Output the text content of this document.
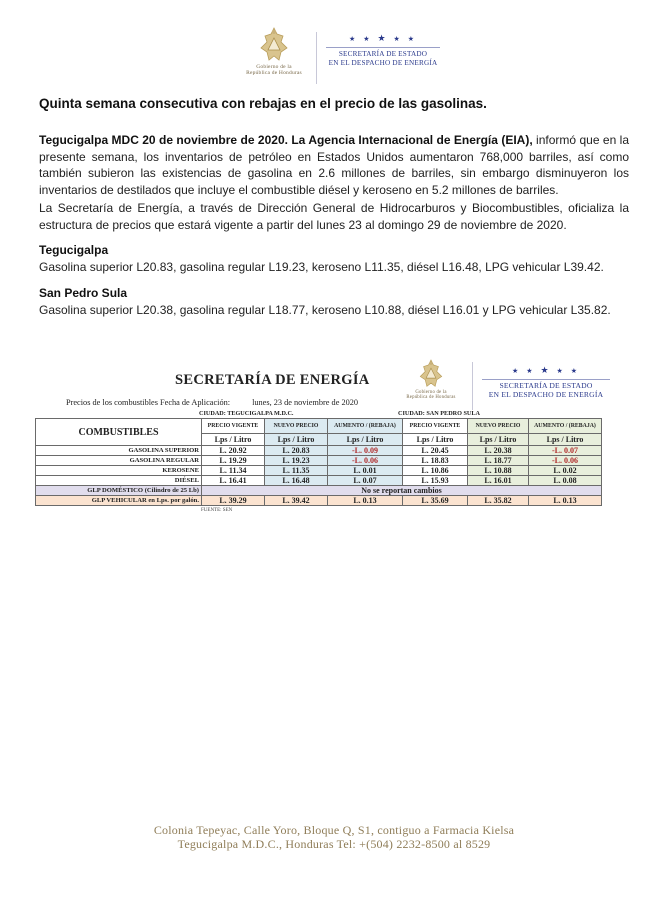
Gobierno de la
República de Honduras
★ ★ ★ ★ ★
SECRETARÍA DE ESTADO
EN EL DESPACHO DE ENERGÍA
Quinta semana consecutiva con rebajas en el precio de las gasolinas.
Tegucigalpa MDC 20 de noviembre de 2020. La Agencia Internacional de Energía (EIA), informó que en la presente semana, los inventarios de petróleo en Estados Unidos aumentaron 768,000 barriles, así como también subieron las existencias de gasolina en 2.6 millones de barriles, sin embargo disminuyeron los inventarios de destilados que incluye el combustible diésel y keroseno en 5.2 millones de barriles.
La Secretaría de Energía, a través de Dirección General de Hidrocarburos y Biocombustibles, oficializa la estructura de precios que estará vigente a partir del lunes 23 al domingo 29 de noviembre de 2020.
Tegucigalpa
Gasolina superior L20.83, gasolina regular L19.23, keroseno L11.35, diésel L16.48, LPG vehicular L39.42.
San Pedro Sula
Gasolina superior L20.38, gasolina regular L18.77, keroseno L10.88, diésel L16.01 y LPG vehicular L35.82.
SECRETARÍA DE ENERGÍA
Precios de los combustibles Fecha de Aplicación:	lunes, 23 de noviembre de 2020
Gobierno de la
República de Honduras
★ ★ ★ ★ ★
SECRETARÍA DE ESTADO
EN EL DESPACHO DE ENERGÍA
CIUDAD: TEGUCIGALPA M.D.C.	CIUDAD: SAN PEDRO SULA
COMBUSTIBLES	PRECIO VIGENTE	NUEVO PRECIO	AUMENTO / (REBAJA)	PRECIO VIGENTE	NUEVO PRECIO	AUMENTO / (REBAJA)
	Lps / Litro	Lps / Litro	Lps / Litro	Lps / Litro	Lps / Litro	Lps / Litro
GASOLINA SUPERIOR	L. 20.92	L. 20.83	-L. 0.09	L. 20.45	L. 20.38	-L. 0.07
GASOLINA REGULAR	L. 19.29	L. 19.23	-L. 0.06	L. 18.83	L. 18.77	-L. 0.06
KEROSENE	L. 11.34	L. 11.35	L. 0.01	L. 10.86	L. 10.88	L. 0.02
DIÉSEL	L. 16.41	L. 16.48	L. 0.07	L. 15.93	L. 16.01	L. 0.08
GLP DOMÉSTICO (Cilindro de 25 Lb)	No se reportan cambios					
GLP VEHICULAR en Lps. por galón.	L. 39.29	L. 39.42	L. 0.13	L. 35.69	L. 35.82	L. 0.13
FUENTE: SEN
Colonia Tepeyac, Calle Yoro, Bloque Q, S1, contiguo a Farmacia Kielsa
Tegucigalpa M.D.C., Honduras Tel: +(504) 2232-8500 al 8529
